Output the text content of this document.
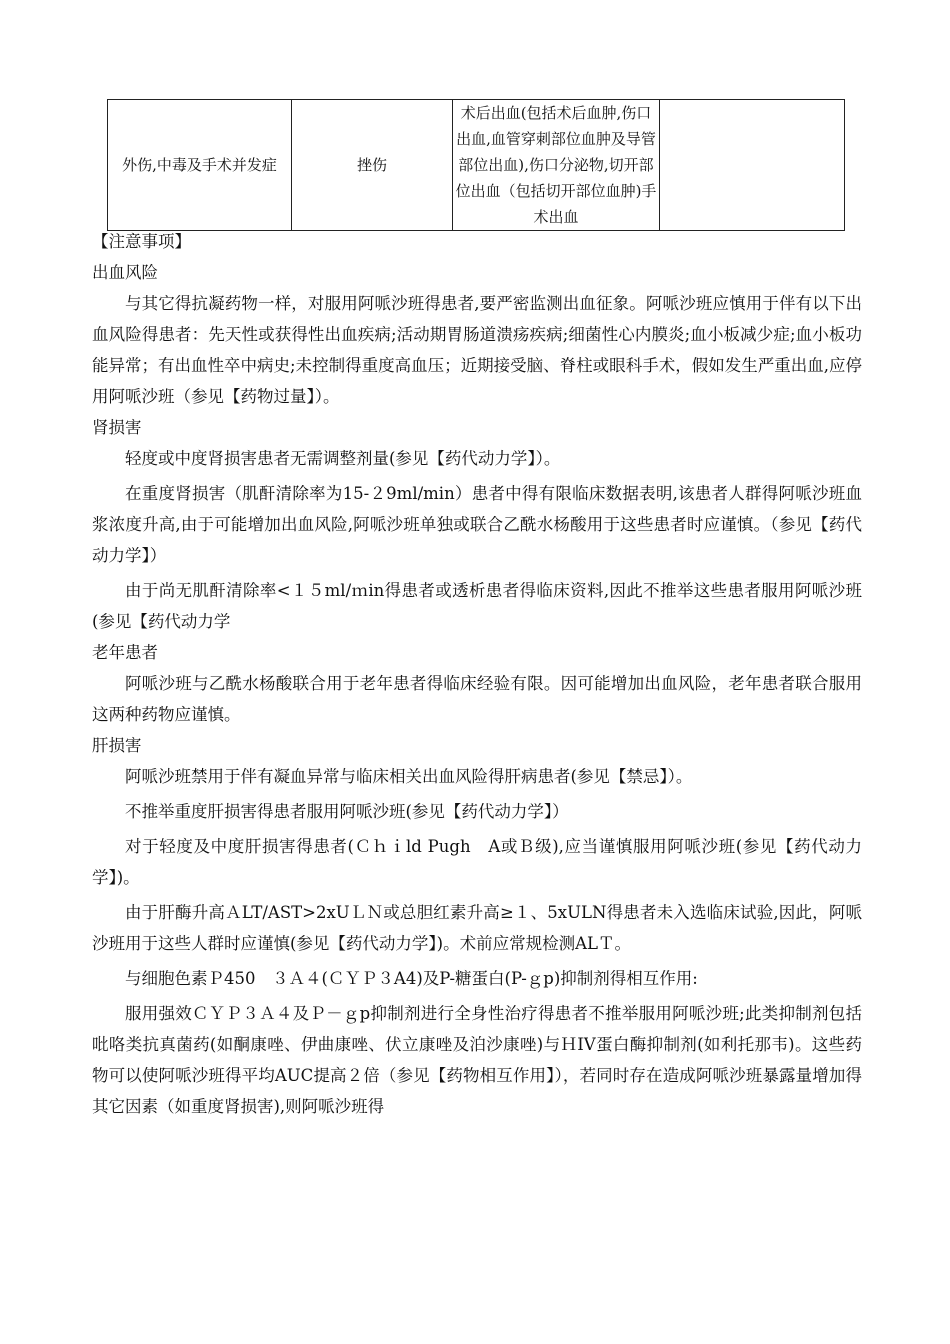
外伤,中毒及手术并发症	挫伤	术后出血(包括术后血肿,伤口出血,血管穿刺部位血肿及导管部位出血),伤口分泌物,切开部位出血（包括切开部位血肿)手术出血	
【注意事项】
出血风险
与其它得抗凝药物一样，对服用阿哌沙班得患者,要严密监测出血征象。阿哌沙班应慎用于伴有以下出血风险得患者：先天性或获得性出血疾病;活动期胃肠道溃疡疾病;细菌性心内膜炎;血小板减少症;血小板功能异常；有出血性卒中病史;未控制得重度高血压；近期接受脑、脊柱或眼科手术，假如发生严重出血,应停用阿哌沙班（参见【药物过量】）。
肾损害
轻度或中度肾损害患者无需调整剂量(参见【药代动力学】）。
在重度肾损害（肌酐清除率为15-２9ml/min）患者中得有限临床数据表明,该患者人群得阿哌沙班血浆浓度升高,由于可能增加出血风险,阿哌沙班单独或联合乙酰水杨酸用于这些患者时应谨慎。（参见【药代动力学】）
由于尚无肌酐清除率<１５ml/ｍin得患者或透析患者得临床资料,因此不推举这些患者服用阿哌沙班(参见【药代动力学
老年患者
阿哌沙班与乙酰水杨酸联合用于老年患者得临床经验有限。因可能增加出血风险，老年患者联合服用这两种药物应谨慎。
肝损害
阿哌沙班禁用于伴有凝血异常与临床相关出血风险得肝病患者(参见【禁忌】）。
不推举重度肝损害得患者服用阿哌沙班(参见【药代动力学】）
对于轻度及中度肝损害得患者(Ｃｈｉld Pugh　A或Ｂ级),应当谨慎服用阿哌沙班(参见【药代动力学】)。
由于肝酶升高ＡLT/AST>2xUＬＮ或总胆红素升高≥１、5xULN得患者未入选临床试验,因此，阿哌沙班用于这些人群时应谨慎(参见【药代动力学】)。术前应常规检测ALＴ。
与细胞色素Ｐ450　３Ａ４(ＣＹＰ３A4)及P-糖蛋白(P-ｇp)抑制剂得相互作用:
服用强效ＣＹＰ３Ａ４及Ｐ－ｇp抑制剂进行全身性治疗得患者不推举服用阿哌沙班;此类抑制剂包括吡咯类抗真菌药(如酮康唑、伊曲康唑、伏立康唑及泊沙康唑)与ＨIV蛋白酶抑制剂(如利托那韦)。这些药物可以使阿哌沙班得平均AUC提高２倍（参见【药物相互作用】），若同时存在造成阿哌沙班暴露量增加得其它因素（如重度肾损害),则阿哌沙班得
